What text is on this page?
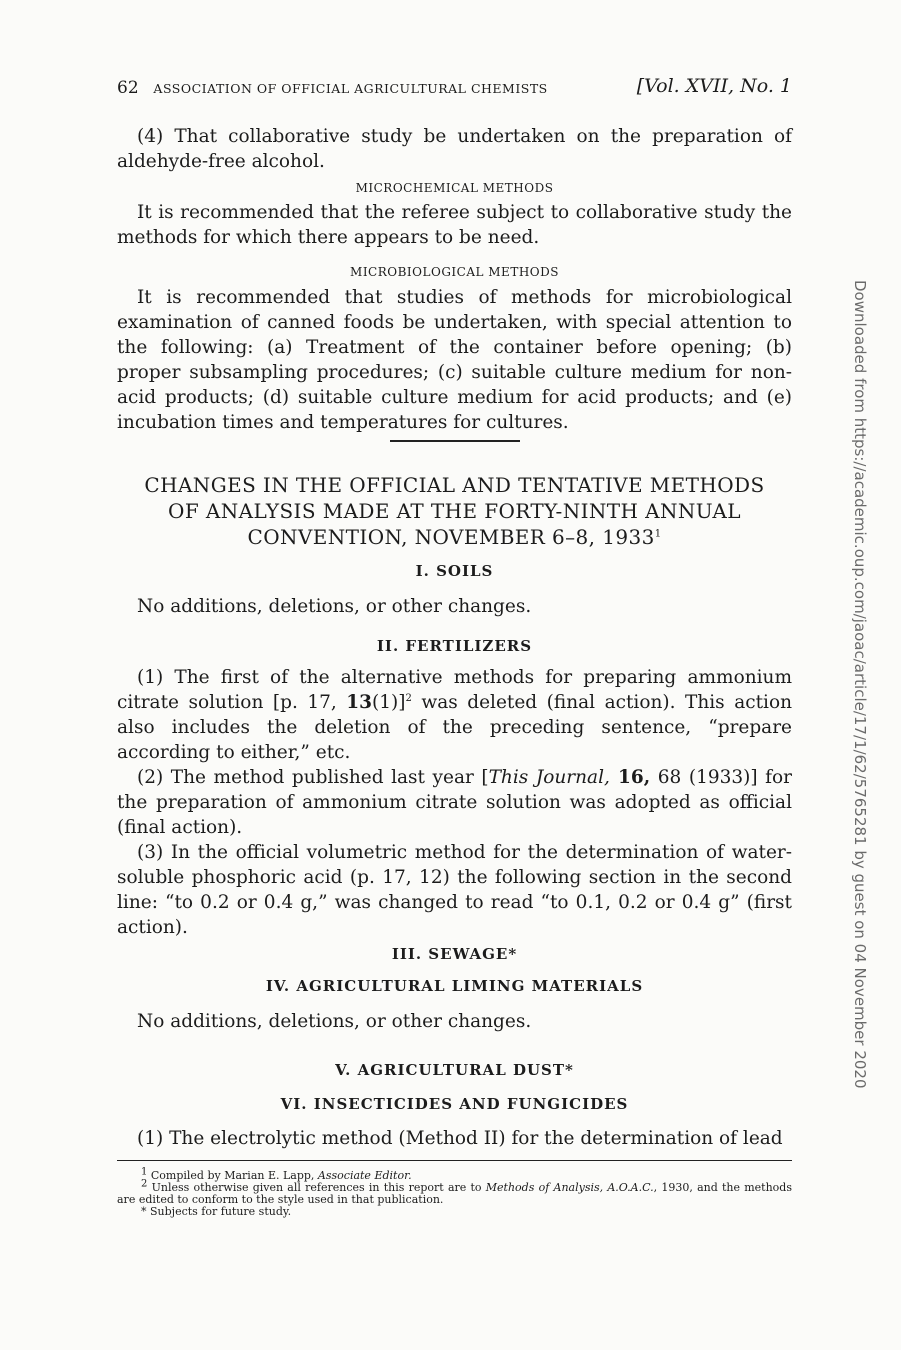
62 ASSOCIATION OF OFFICIAL AGRICULTURAL CHEMISTS	[Vol. XVII, No. 1

(4) That collaborative study be undertaken on the preparation of aldehyde-free alcohol.

MICROCHEMICAL METHODS

It is recommended that the referee subject to collaborative study the methods for which there appears to be need.

MICROBIOLOGICAL METHODS

It is recommended that studies of methods for microbiological examination of canned foods be undertaken, with special attention to the following: (a) Treatment of the container before opening; (b) proper subsampling procedures; (c) suitable culture medium for non-acid products; (d) suitable culture medium for acid products; and (e) incubation times and temperatures for cultures.

CHANGES IN THE OFFICIAL AND TENTATIVE METHODS
OF ANALYSIS MADE AT THE FORTY-NINTH ANNUAL
CONVENTION, NOVEMBER 6–8, 1933$^1$
I. SOILS

No additions, deletions, or other changes.

II. FERTILIZERS

(1) The first of the alternative methods for preparing ammonium citrate solution [p. 17, 13(1)]$^2$ was deleted (final action). This action also includes the deletion of the preceding sentence, “prepare according to either,” etc.

(2) The method published last year [This Journal, 16, 68 (1933)] for the preparation of ammonium citrate solution was adopted as official (final action).

(3) In the official volumetric method for the determination of water-soluble phosphoric acid (p. 17, 12) the following section in the second line: “to 0.2 or 0.4 g,” was changed to read “to 0.1, 0.2 or 0.4 g” (first action).

III. SEWAGE*
IV. AGRICULTURAL LIMING MATERIALS

No additions, deletions, or other changes.

V. AGRICULTURAL DUST*
VI. INSECTICIDES AND FUNGICIDES

(1) The electrolytic method (Method II) for the determination of lead

$^1$ Compiled by Marian E. Lapp, Associate Editor.

$^2$ Unless otherwise given all references in this report are to Methods of Analysis, A.O.A.C., 1930, and the methods are edited to conform to the style used in that publication.

* Subjects for future study.

Downloaded from https://academic.oup.com/jaoac/article/17/1/62/5765281 by guest on 04 November 2020
